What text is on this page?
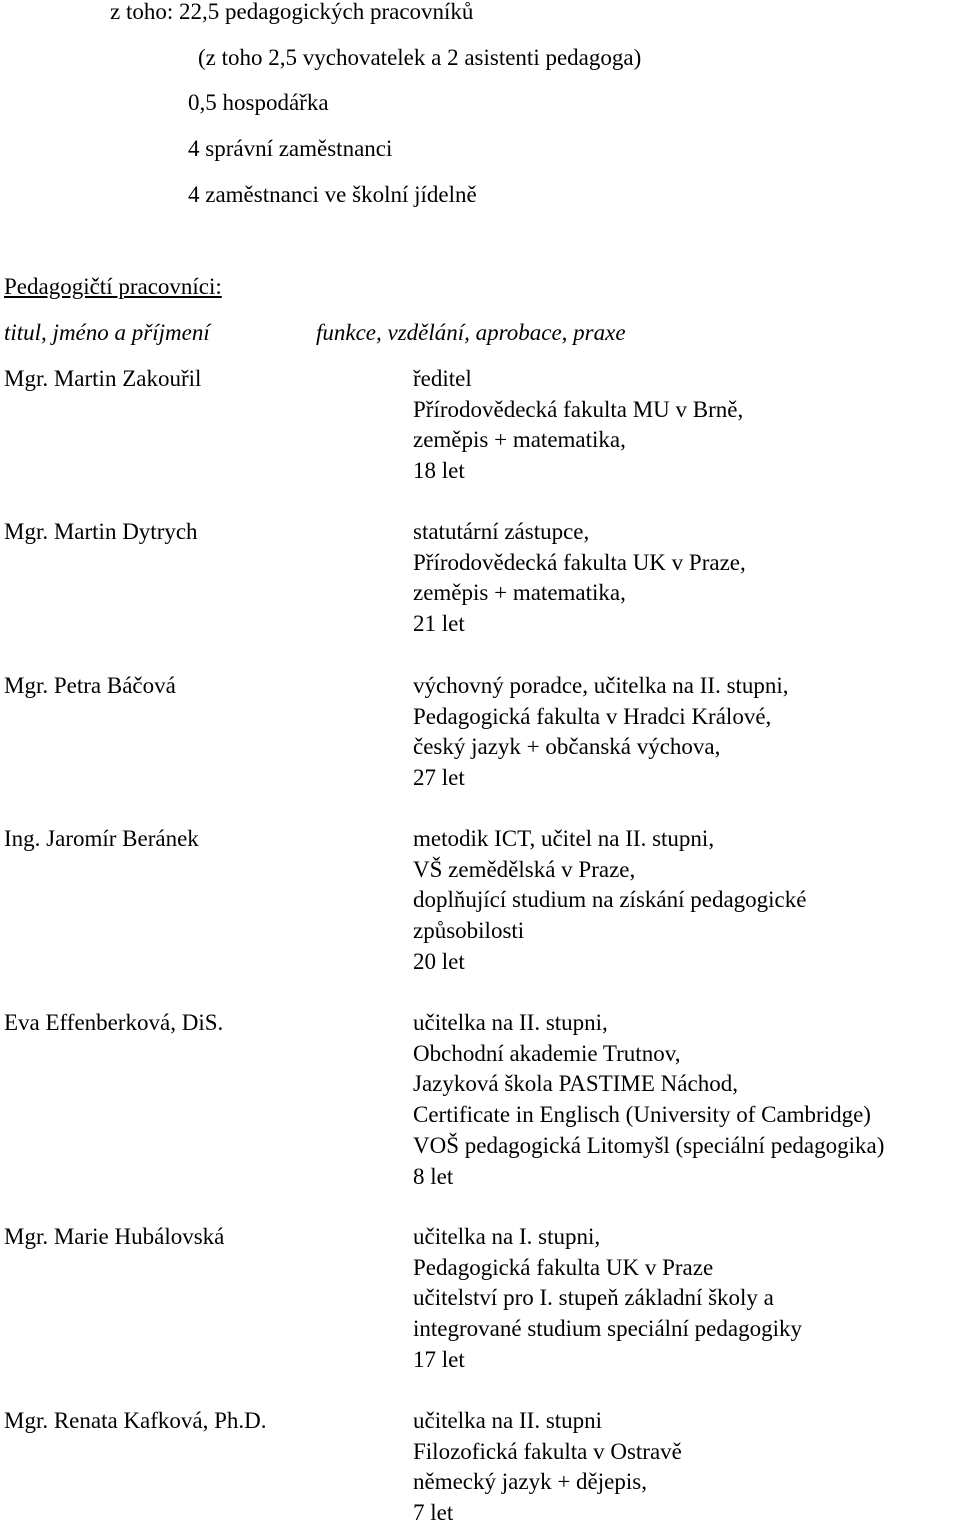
z toho: 22,5 pedagogických pracovníků
(z toho 2,5 vychovatelek a 2 asistenti pedagoga)
0,5 hospodářka
4 správní zaměstnanci
4 zaměstnanci ve školní jídelně
Pedagogičtí pracovníci:
titul, jméno a příjmení	funkce, vzdělání, aprobace, praxe
Mgr. Martin Zakouřil	ředitel
Přírodovědecká fakulta MU v Brně,
zeměpis + matematika,
18 let
Mgr. Martin Dytrych	statutární zástupce,
Přírodovědecká fakulta UK v Praze,
zeměpis + matematika,
21 let
Mgr. Petra Báčová	výchovný poradce, učitelka na II. stupni,
Pedagogická fakulta v Hradci Králové,
český jazyk + občanská výchova,
27 let
Ing. Jaromír Beránek	metodik ICT, učitel na II. stupni,
VŠ zemědělská v Praze,
doplňující studium na získání pedagogické
způsobilosti
20 let
Eva Effenberková, DiS.	učitelka na II. stupni,
Obchodní akademie Trutnov,
Jazyková škola PASTIME Náchod,
Certificate in Englisch (University of Cambridge)
VOŠ pedagogická Litomyšl (speciální pedagogika)
8 let
Mgr. Marie Hubálovská	učitelka na I. stupni,
Pedagogická fakulta UK v Praze
učitelství pro I. stupeň základní školy a
integrované studium speciální pedagogiky
17 let
Mgr. Renata Kafková, Ph.D.	učitelka na II. stupni
Filozofická fakulta v Ostravě
německý jazyk + dějepis,
7 let
